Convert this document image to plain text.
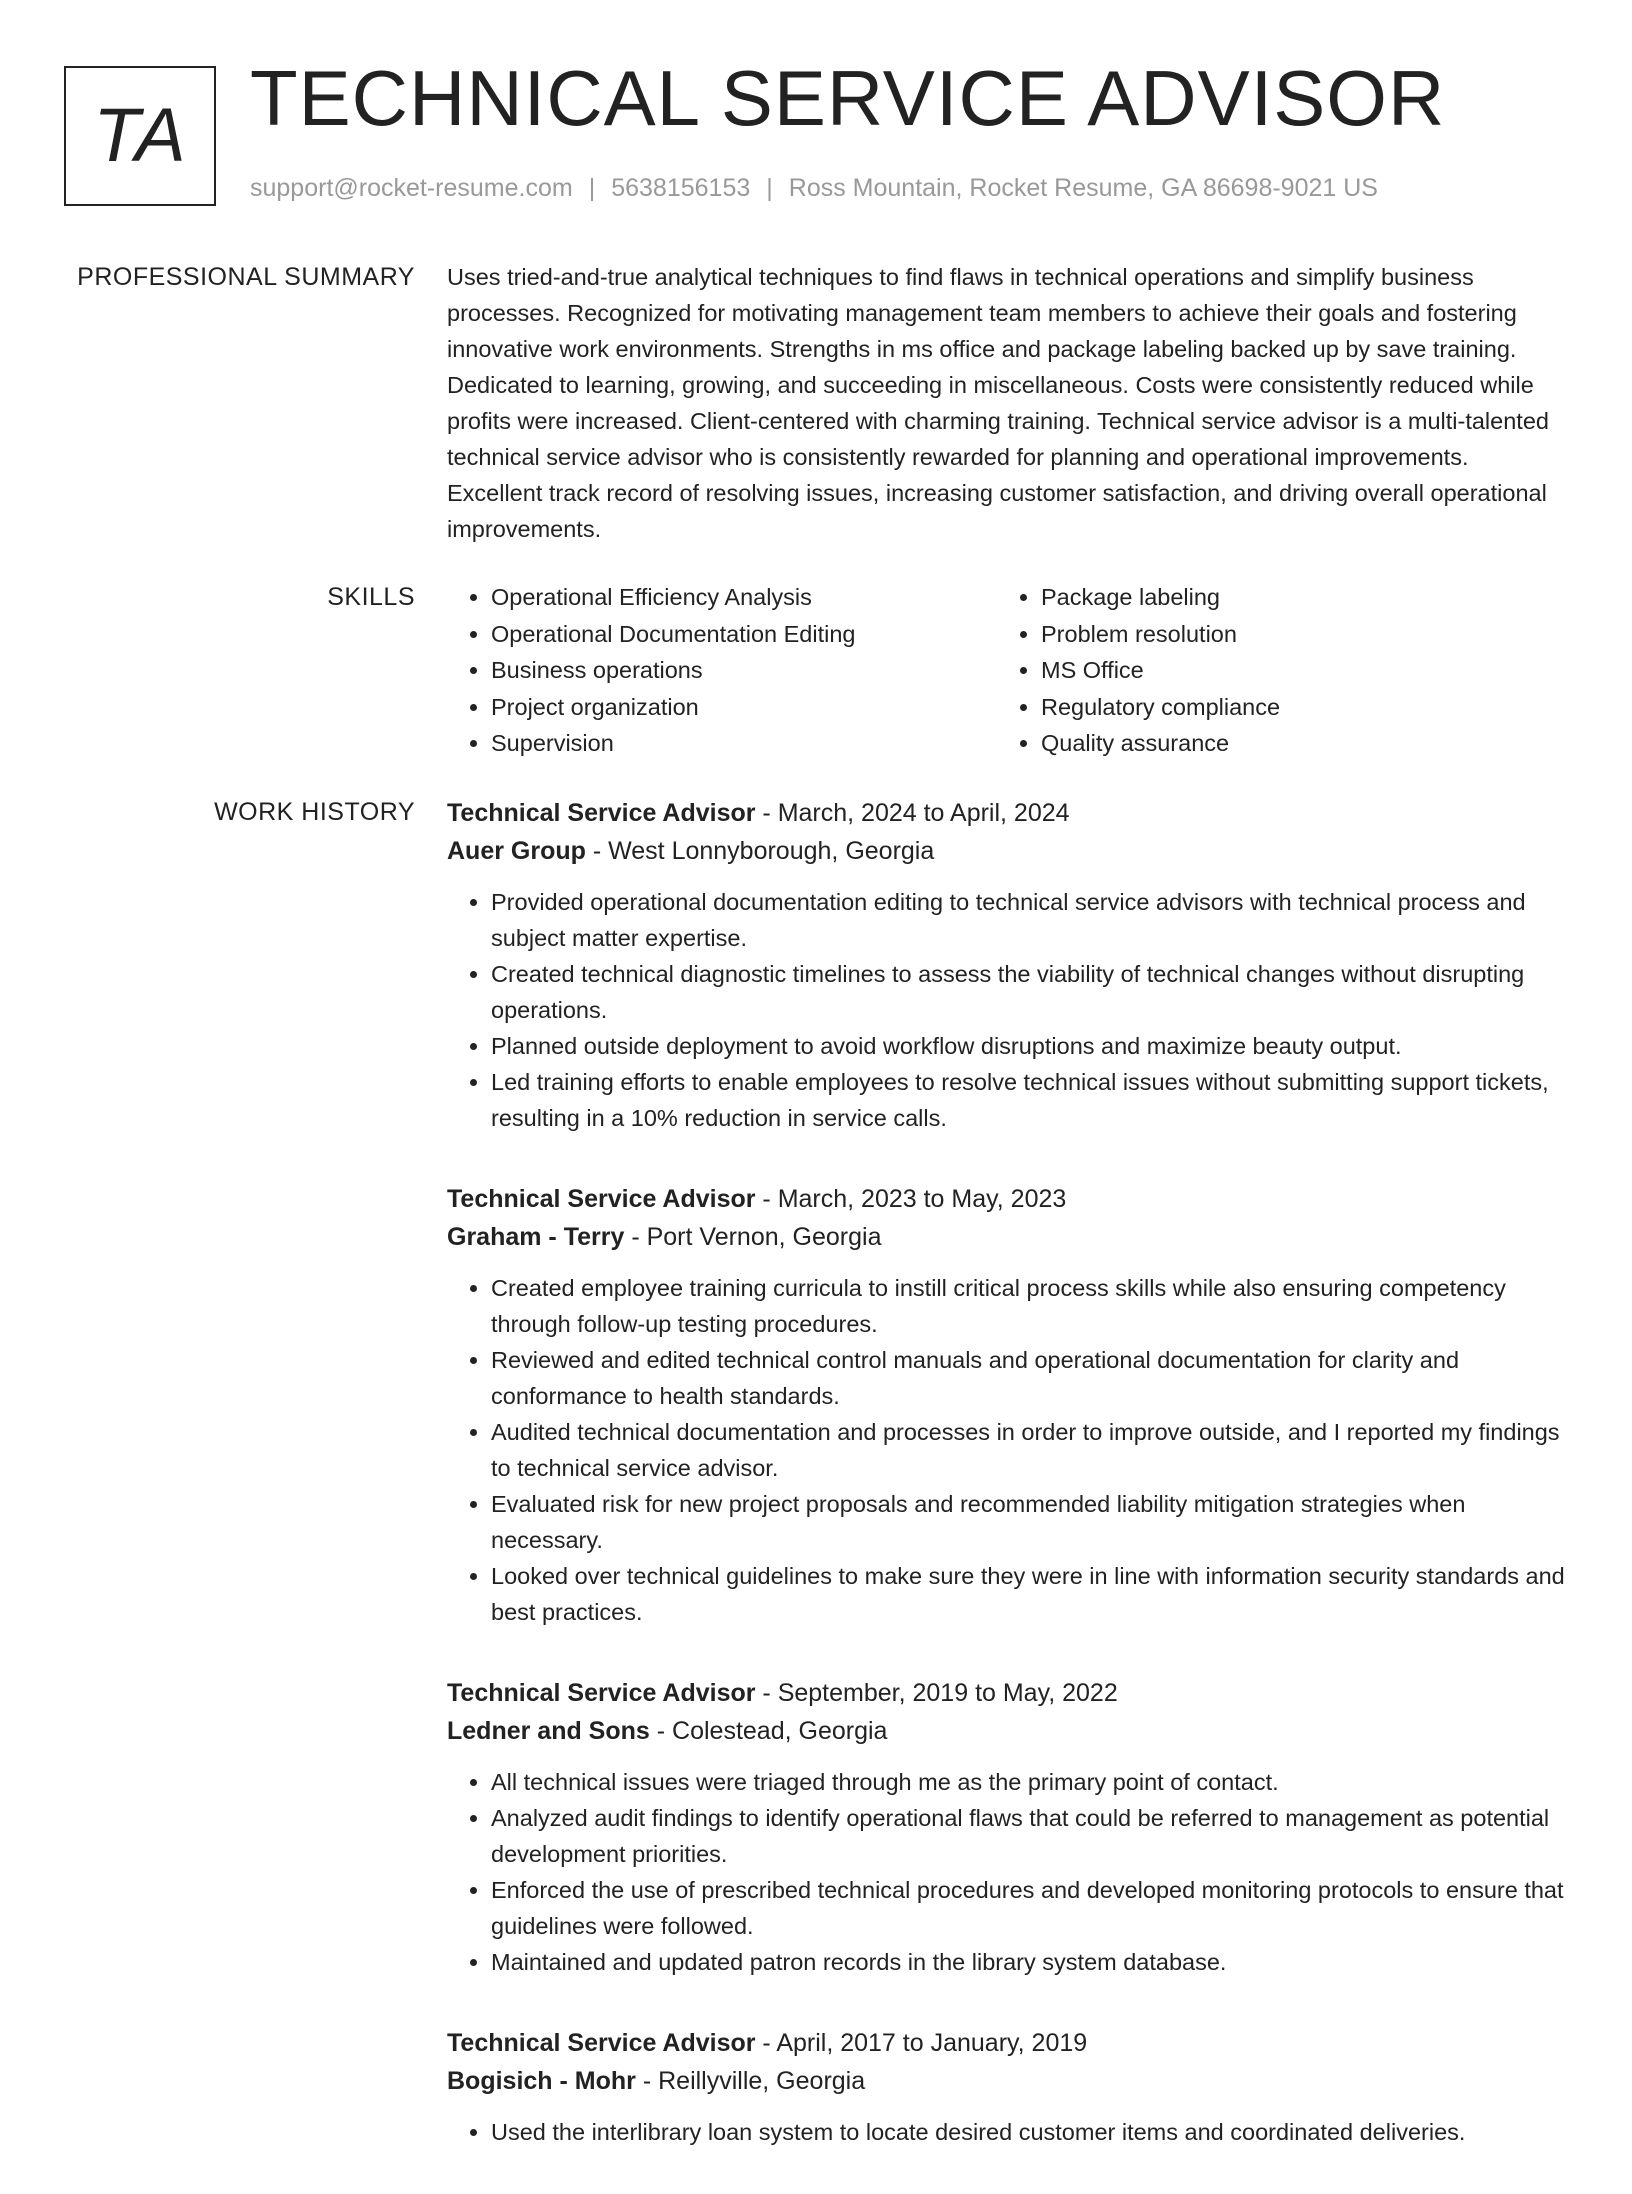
TA TECHNICAL SERVICE ADVISOR
support@rocket-resume.com | 5638156153 | Ross Mountain, Rocket Resume, GA 86698-9021 US
PROFESSIONAL SUMMARY Uses tried-and-true analytical techniques to find flaws in technical operations and simplify business processes. Recognized for motivating management team members to achieve their goals and fostering innovative work environments. Strengths in ms office and package labeling backed up by save training. Dedicated to learning, growing, and succeeding in miscellaneous. Costs were consistently reduced while profits were increased. Client-centered with charming training. Technical service advisor is a multi-talented technical service advisor who is consistently rewarded for planning and operational improvements. Excellent track record of resolving issues, increasing customer satisfaction, and driving overall operational improvements.

SKILLS
•	Operational Efficiency Analysis
• Operational Documentation Editing
• Business operations
• Project organization
• Supervision
• Package labeling
• Problem resolution
• MS Office
• Regulatory compliance
• Quality assurance
WORK HISTORY Technical Service Advisor - March, 2024 to April, 2024
Auer Group - West Lonnyborough, Georgia
• Provided operational documentation editing to technical service advisors with technical process and subject matter expertise.
• Created technical diagnostic timelines to assess the viability of technical changes without disrupting operations.
• Planned outside deployment to avoid workflow disruptions and maximize beauty output.
• Led training efforts to enable employees to resolve technical issues without submitting support tickets, resulting in a 10% reduction in service calls.
Technical Service Advisor - March, 2023 to May, 2023
Graham - Terry - Port Vernon, Georgia
• Created employee training curricula to instill critical process skills while also ensuring competency through follow-up testing procedures.
• Reviewed and edited technical control manuals and operational documentation for clarity and conformance to health standards.
• Audited technical documentation and processes in order to improve outside, and I reported my findings to technical service advisor.
• Evaluated risk for new project proposals and recommended liability mitigation strategies when necessary.
• Looked over technical guidelines to make sure they were in line with information security standards and best practices.
Technical Service Advisor - September, 2019 to May, 2022
Ledner and Sons - Colestead, Georgia
• All technical issues were triaged through me as the primary point of contact.
• Analyzed audit findings to identify operational flaws that could be referred to management as potential development priorities.
• Enforced the use of prescribed technical procedures and developed monitoring protocols to ensure that guidelines were followed.
• Maintained and updated patron records in the library system database.
Technical Service Advisor - April, 2017 to January, 2019
Bogisich - Mohr - Reillyville, Georgia
• Used the interlibrary loan system to locate desired customer items and coordinated deliveries.
